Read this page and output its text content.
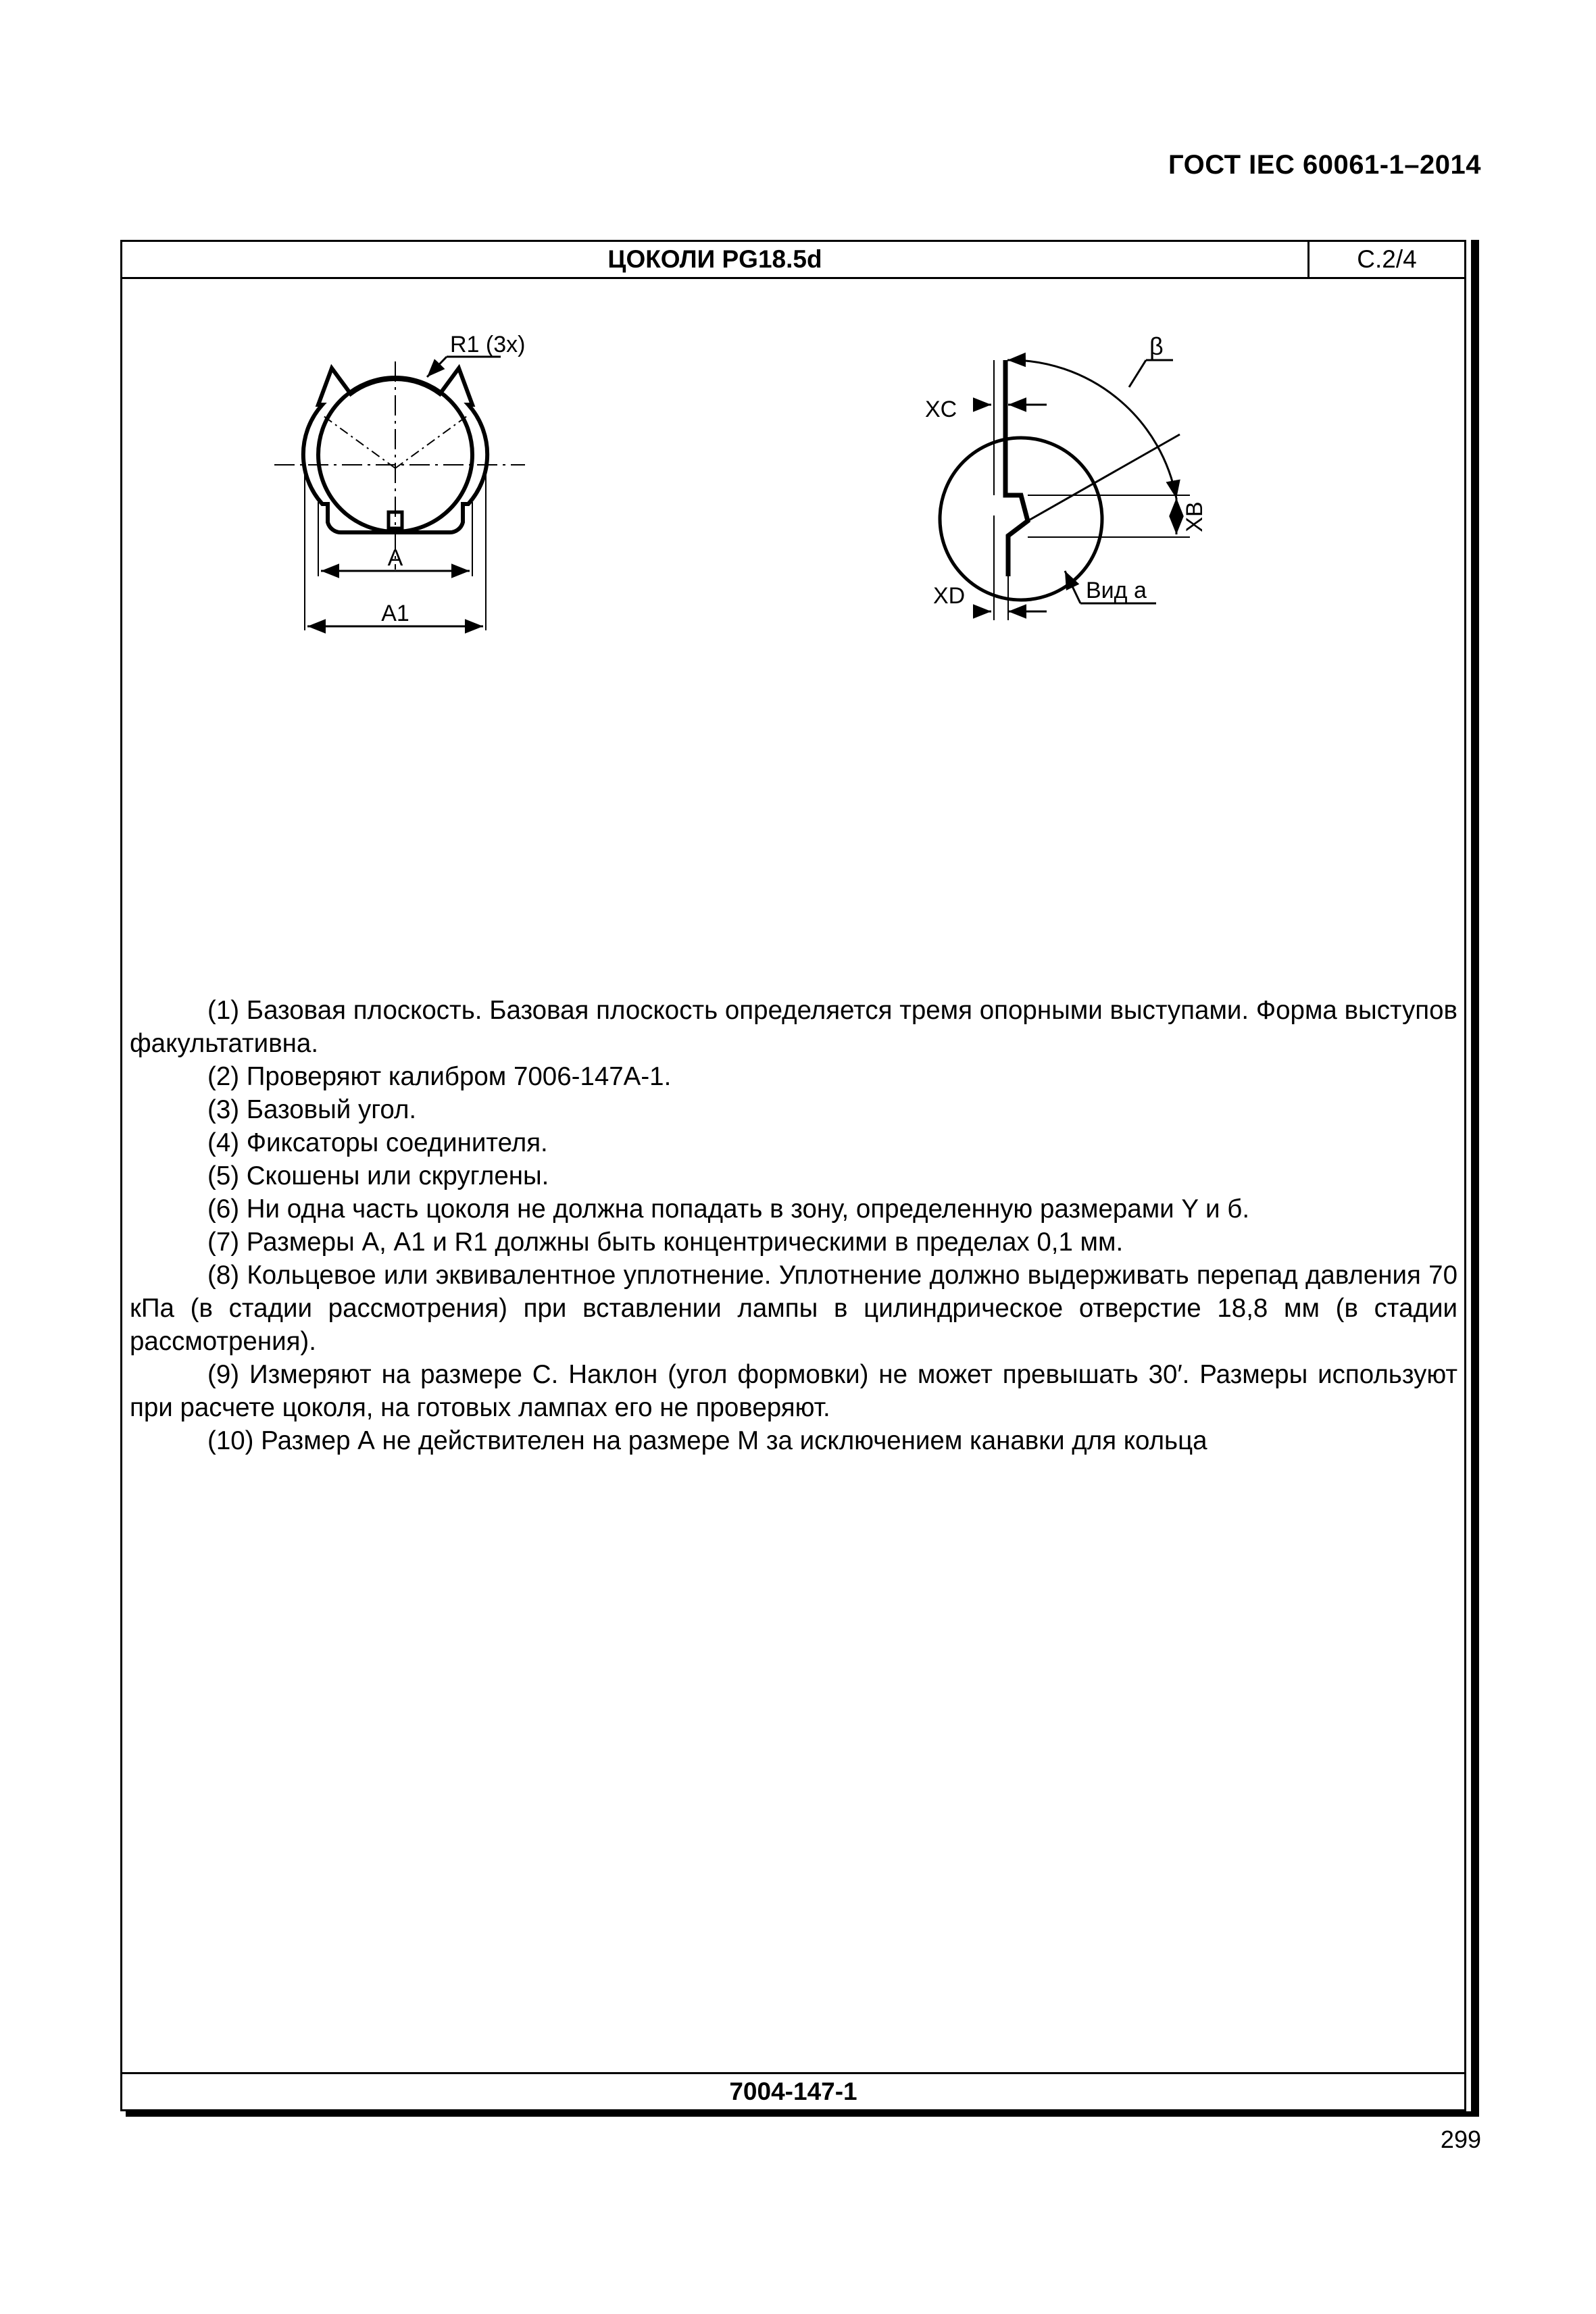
ГОСТ IEC 60061-1–2014
ЦОКОЛИ PG18.5d	С.2/4
R1 (3x)
A
A1
β
XC
XB
XD	Вид a

(1) Базовая плоскость. Базовая плоскость определяется тремя опорными выступами. Форма выступов факультативна.

(2) Проверяют калибром 7006-147А-1.

(3) Базовый угол.

(4) Фиксаторы соединителя.

(5) Скошены или скруглены.

(6) Ни одна часть цоколя не должна попадать в зону, определенную размерами Y и б.

(7) Размеры А, А1 и R1 должны быть концентрическими в пределах 0,1 мм.

(8) Кольцевое или эквивалентное уплотнение. Уплотнение должно выдерживать перепад давления 70 кПа (в стадии рассмотрения) при вставлении лампы в цилиндрическое отверстие 18,8 мм (в стадии рассмотрения).

(9) Измеряют на размере С. Наклон (угол формовки) не может превышать 30′. Размеры используют при расчете цоколя, на готовых лампах его не проверяют.

(10) Размер А не действителен на размере М за исключением канавки для кольца

7004-147-1
299
